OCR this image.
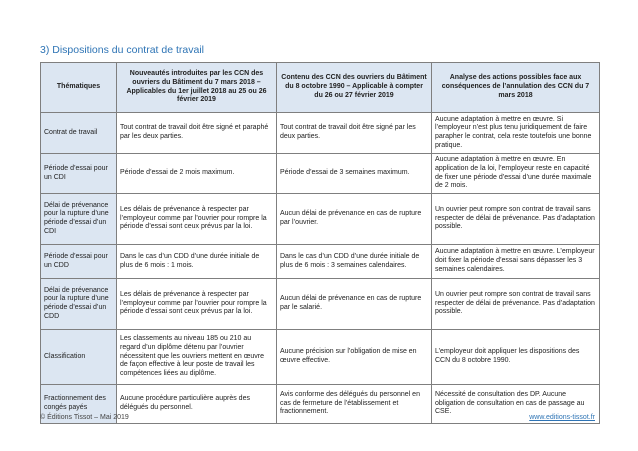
3) Dispositions du contrat de travail
Thématiques	Nouveautés introduites par les CCN des ouvriers du Bâtiment du 7 mars 2018 – Applicables du 1er juillet 2018 au 25 ou 26 février 2019	Contenu des CCN des ouvriers du Bâtiment du 8 octobre 1990 – Applicable à compter du 26 ou 27 février 2019	Analyse des actions possibles face aux conséquences de l’annulation des CCN du 7 mars 2018
Contrat de travail	Tout contrat de travail doit être signé et paraphé par les deux parties.	Tout contrat de travail doit être signé par les deux parties.	Aucune adaptation à mettre en œuvre. Si l’employeur n’est plus tenu juridiquement de faire parapher le contrat, cela reste toutefois une bonne pratique.
Période d’essai pour un CDI	Période d’essai de 2 mois maximum.	Période d’essai de 3 semaines maximum.	Aucune adaptation à mettre en œuvre. En application de la loi, l’employeur reste en capacité de fixer une période d’essai d’une durée maximale de 2 mois.
Délai de prévenance pour la rupture d’une période d’essai d’un CDI	Les délais de prévenance à respecter par l’employeur comme par l’ouvrier pour rompre la période d’essai sont ceux prévus par la loi.	Aucun délai de prévenance en cas de rupture par l’ouvrier.	Un ouvrier peut rompre son contrat de travail sans respecter de délai de prévenance. Pas d’adaptation possible.
Période d’essai pour un CDD	Dans le cas d’un CDD d’une durée initiale de plus de 6 mois : 1 mois.	Dans le cas d’un CDD d’une durée initiale de plus de 6 mois : 3 semaines calendaires.	Aucune adaptation à mettre en œuvre. L’employeur doit fixer la période d’essai sans dépasser les 3 semaines calendaires.
Délai de prévenance pour la rupture d’une période d’essai d’un CDD	Les délais de prévenance à respecter par l’employeur comme par l’ouvrier pour rompre la période d’essai sont ceux prévus par la loi.	Aucun délai de prévenance en cas de rupture par le salarié.	Un ouvrier peut rompre son contrat de travail sans respecter de délai de prévenance. Pas d’adaptation possible.
Classification	Les classements au niveau 185 ou 210 au regard d’un diplôme détenu par l’ouvrier nécessitent que les ouvriers mettent en œuvre de façon effective à leur poste de travail les compétences liées au diplôme.	Aucune précision sur l’obligation de mise en œuvre effective.	L’employeur doit appliquer les dispositions des CCN du 8 octobre 1990.
Fractionnement des congés payés	Aucune procédure particulière auprès des délégués du personnel.	Avis conforme des délégués du personnel en cas de fermeture de l’établissement et fractionnement.	Nécessité de consultation des DP. Aucune obligation de consultation en cas de passage au CSE.
© Éditions Tissot – Mai 2019	www.editions-tissot.fr
